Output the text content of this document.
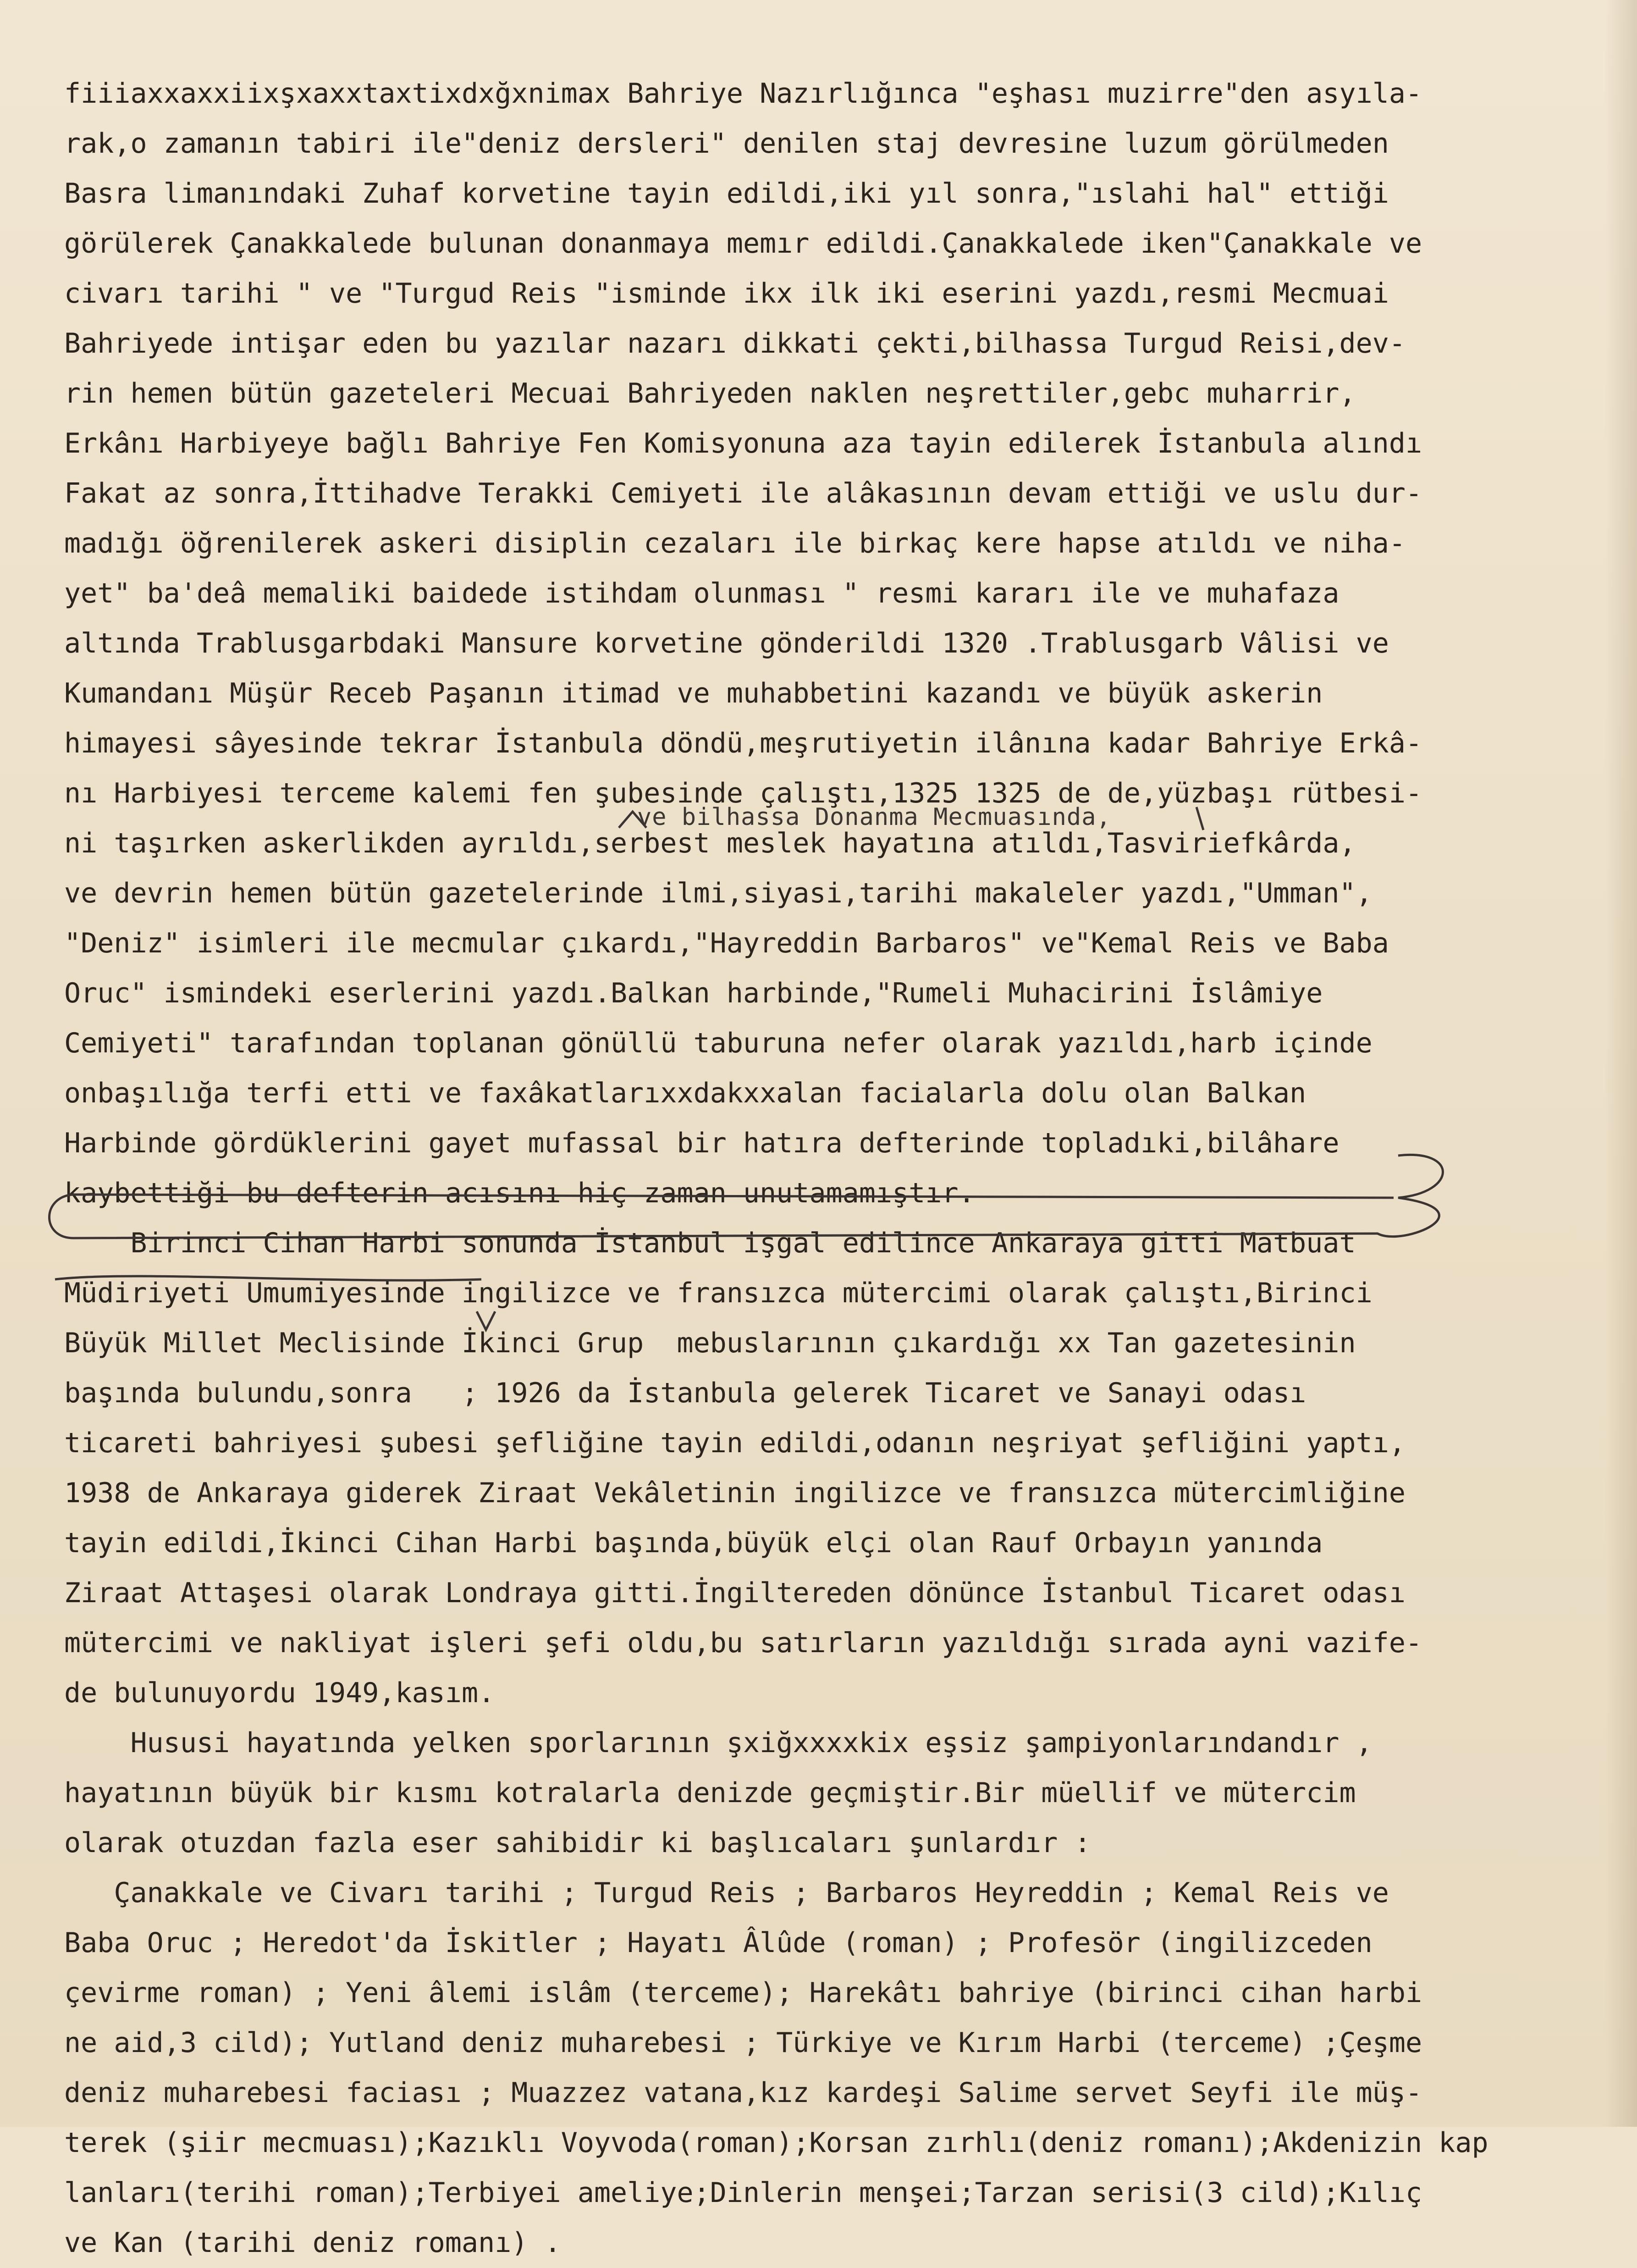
fiiiaxxaxxiixşxaxxtaxtixdxğxnimax Bahriye Nazırlığınca "eşhası muzirre"den asyıla-
rak,o zamanın tabiri ile"deniz dersleri" denilen staj devresine luzum görülmeden
Basra limanındaki Zuhaf korvetine tayin edildi,iki yıl sonra,"ıslahi hal" ettiği
görülerek Çanakkalede bulunan donanmaya memır edildi.Çanakkalede iken"Çanakkale ve
civarı tarihi " ve "Turgud Reis "isminde ikx ilk iki eserini yazdı,resmi Mecmuai
Bahriyede intişar eden bu yazılar nazarı dikkati çekti,bilhassa Turgud Reisi,dev-
rin hemen bütün gazeteleri Mecuai Bahriyeden naklen neşrettiler,gebc muharrir,
Erkânı Harbiyeye bağlı Bahriye Fen Komisyonuna aza tayin edilerek İstanbula alındı
Fakat az sonra,İttihadve Terakki Cemiyeti ile alâkasının devam ettiği ve uslu dur-
madığı öğrenilerek askeri disiplin cezaları ile birkaç kere hapse atıldı ve niha-
yet" ba'deâ memaliki baidede istihdam olunması " resmi kararı ile ve muhafaza
altında Trablusgarbdaki Mansure korvetine gönderildi 1320 .Trablusgarb Vâlisi ve
Kumandanı Müşür Receb Paşanın itimad ve muhabbetini kazandı ve büyük askerin
himayesi sâyesinde tekrar İstanbula döndü,meşrutiyetin ilânına kadar Bahriye Erkâ-
nı Harbiyesi terceme kalemi fen şubesinde çalıştı,1325 1325 de de,yüzbaşı rütbesi-
ni taşırken askerlikden ayrıldı,serbest meslek hayatına atıldı,Tasviriefkârda,
ve devrin hemen bütün gazetelerinde ilmi,siyasi,tarihi makaleler yazdı,"Umman",
"Deniz" isimleri ile mecmular çıkardı,"Hayreddin Barbaros" ve"Kemal Reis ve Baba
Oruc" ismindeki eserlerini yazdı.Balkan harbinde,"Rumeli Muhacirini İslâmiye
Cemiyeti" tarafından toplanan gönüllü taburuna nefer olarak yazıldı,harb içinde
onbaşılığa terfi etti ve faxâkatlarıxxdakxxalan facialarla dolu olan Balkan
Harbinde gördüklerini gayet mufassal bir hatıra defterinde topladıki,bilâhare
kaybettiği bu defterin acısını hiç zaman unutamamıştır.
Birinci Cihan Harbi sonunda İstanbul işgal edilince Ankaraya gitti Matbuat
Müdiriyeti Umumiyesinde ingilizce ve fransızca mütercimi olarak çalıştı,Birinci
Büyük Millet Meclisinde İkinci Grup  mebuslarının çıkardığı xx Tan gazetesinin
başında bulundu,sonra   ; 1926 da İstanbula gelerek Ticaret ve Sanayi odası
ticareti bahriyesi şubesi şefliğine tayin edildi,odanın neşriyat şefliğini yaptı,
1938 de Ankaraya giderek Ziraat Vekâletinin ingilizce ve fransızca mütercimliğine
tayin edildi,İkinci Cihan Harbi başında,büyük elçi olan Rauf Orbayın yanında
Ziraat Attaşesi olarak Londraya gitti.İngiltereden dönünce İstanbul Ticaret odası
mütercimi ve nakliyat işleri şefi oldu,bu satırların yazıldığı sırada ayni vazife-
de bulunuyordu 1949,kasım.
Hususi hayatında yelken sporlarının şxiğxxxxkix eşsiz şampiyonlarındandır ,
hayatının büyük bir kısmı kotralarla denizde geçmiştir.Bir müellif ve mütercim
olarak otuzdan fazla eser sahibidir ki başlıcaları şunlardır :
Çanakkale ve Civarı tarihi ; Turgud Reis ; Barbaros Heyreddin ; Kemal Reis ve
Baba Oruc ; Heredot'da İskitler ; Hayatı Âlûde (roman) ; Profesör (ingilizceden
çevirme roman) ; Yeni âlemi islâm (terceme); Harekâtı bahriye (birinci cihan harbi
ne aid,3 cild); Yutland deniz muharebesi ; Türkiye ve Kırım Harbi (terceme) ;Çeşme
deniz muharebesi faciası ; Muazzez vatana,kız kardeşi Salime servet Seyfi ile müş-
terek (şiir mecmuası);Kazıklı Voyvoda(roman);Korsan zırhlı(deniz romanı);Akdenizin kap
lanları(terihi roman);Terbiyei ameliye;Dinlerin menşei;Tarzan serisi(3 cild);Kılıç
ve Kan (tarihi deniz romanı) .
ve bilhassa Donanma Mecmuasında,
